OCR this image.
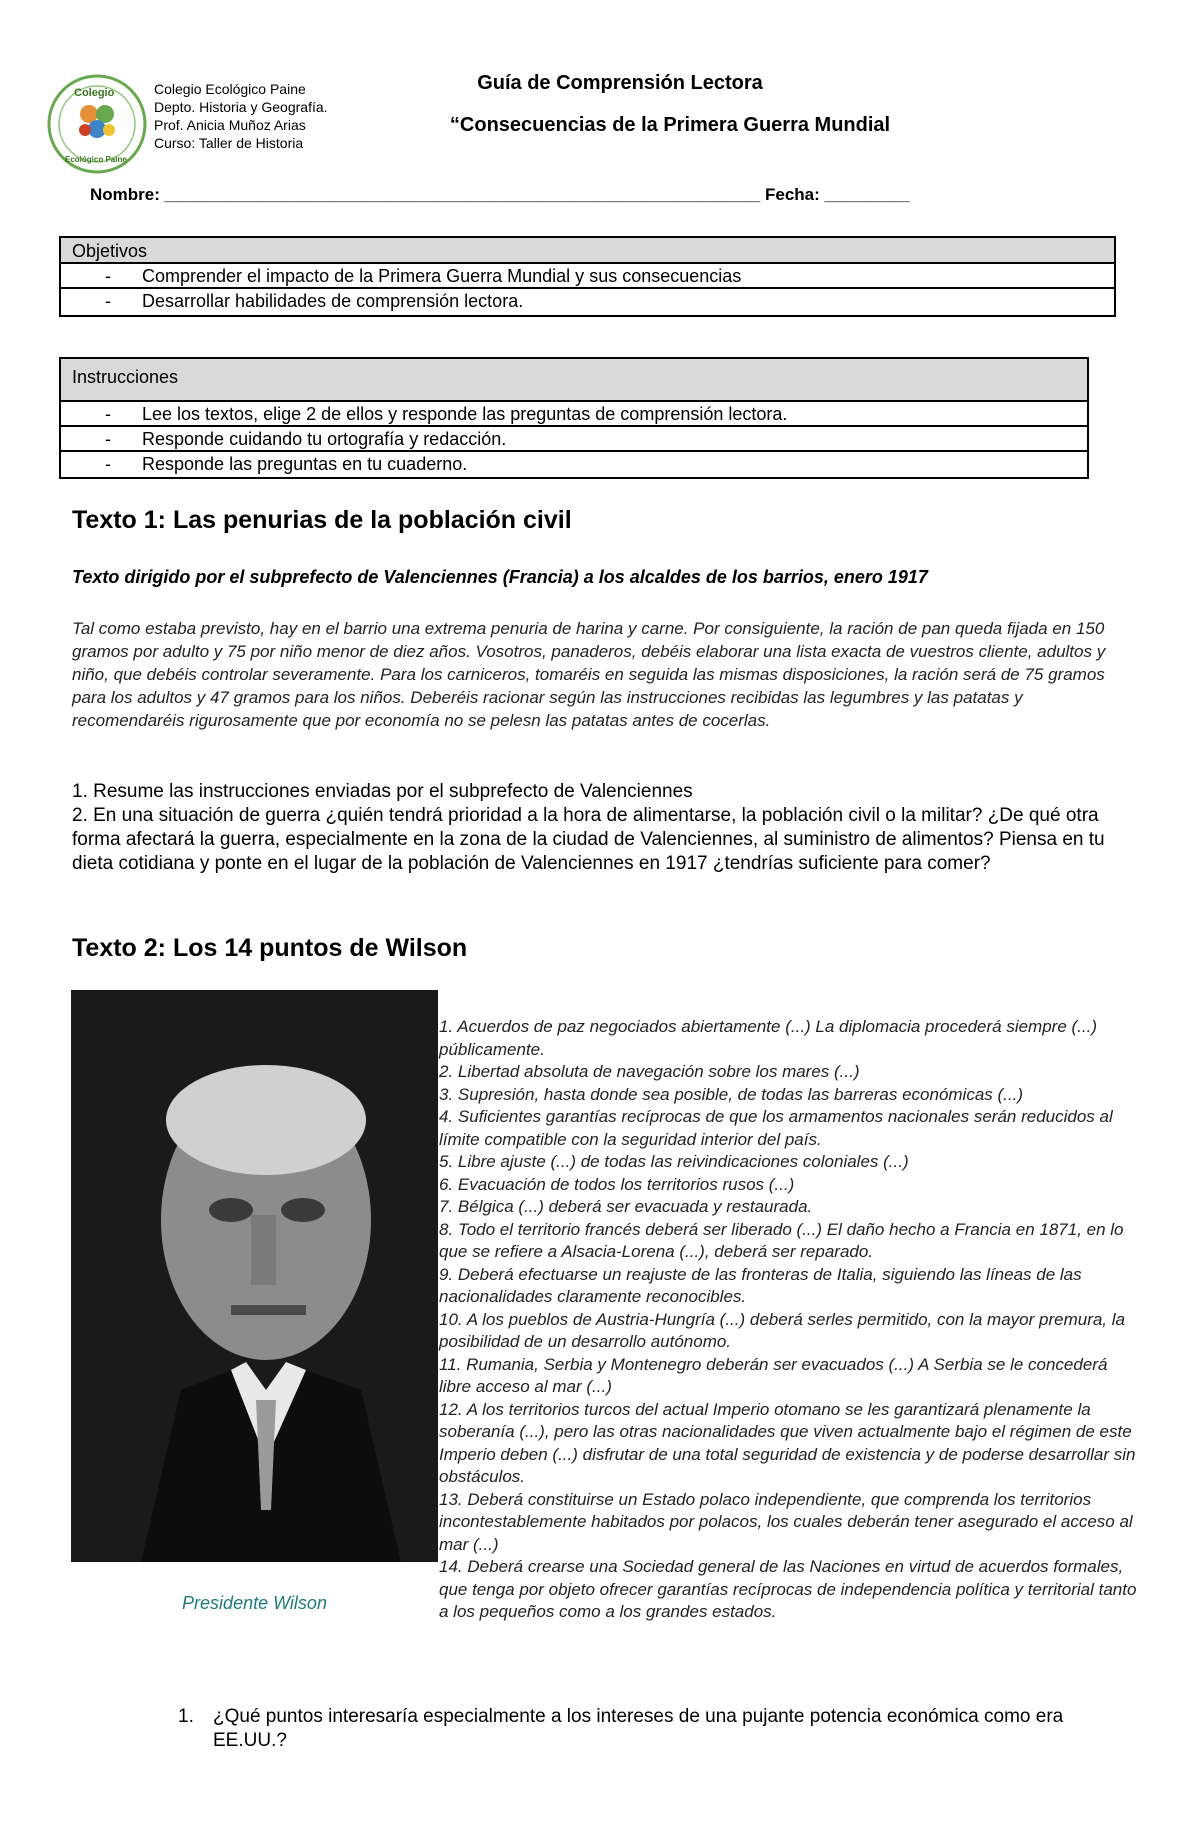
Colegio
Ecológico Paine
Colegio Ecológico Paine
Depto. Historia y Geografía.
Prof. Anicia Muñoz Arias
Curso: Taller de Historia
Guía de Comprensión Lectora
“Consecuencias de la Primera Guerra Mundial
Nombre: _______________________________________________________________ Fecha: _________
Objetivos
- Comprender el impacto de la Primera Guerra Mundial y sus consecuencias
- Desarrollar habilidades de comprensión lectora.
Instrucciones
- Lee los textos, elige 2 de ellos y responde las preguntas de comprensión lectora.
- Responde cuidando tu ortografía y redacción.
- Responde las preguntas en tu cuaderno.
Texto 1: Las penurias de la población civil
Texto dirigido por el subprefecto de Valenciennes (Francia) a los alcaldes de los barrios, enero 1917
Tal como estaba previsto, hay en el barrio una extrema penuria de harina y carne. Por consiguiente, la ración de pan queda fijada en 150 gramos por adulto y 75 por niño menor de diez años. Vosotros, panaderos, debéis elaborar una lista exacta de vuestros cliente, adultos y niño, que debéis controlar severamente. Para los carniceros, tomaréis en seguida las mismas disposiciones, la ración será de 75 gramos para los adultos y 47 gramos para los niños. Deberéis racionar según las instrucciones recibidas las legumbres y las patatas y recomendaréis rigurosamente que por economía no se pelesn las patatas antes de cocerlas.

1. Resume las instrucciones enviadas por el subprefecto de Valenciennes

2. En una situación de guerra ¿quién tendrá prioridad a la hora de alimentarse, la población civil o la militar? ¿De qué otra forma afectará la guerra, especialmente en la zona de la ciudad de Valenciennes, al suministro de alimentos? Piensa en tu dieta cotidiana y ponte en el lugar de la población de Valenciennes en 1917 ¿tendrías suficiente para comer?

Texto 2: Los 14 puntos de Wilson
Presidente Wilson
1. Acuerdos de paz negociados abiertamente (...) La diplomacia procederá siempre (...) públicamente.
2. Libertad absoluta de navegación sobre los mares (...)
3. Supresión, hasta donde sea posible, de todas las barreras económicas (...)
4. Suficientes garantías recíprocas de que los armamentos nacionales serán reducidos al límite compatible con la seguridad interior del país.
5. Libre ajuste (...) de todas las reivindicaciones coloniales (...)
6. Evacuación de todos los territorios rusos (...)
7. Bélgica (...) deberá ser evacuada y restaurada.
8. Todo el territorio francés deberá ser liberado (...) El daño hecho a Francia en 1871, en lo que se refiere a Alsacia-Lorena (...), deberá ser reparado.
9. Deberá efectuarse un reajuste de las fronteras de Italia, siguiendo las líneas de las nacionalidades claramente reconocibles.
10. A los pueblos de Austria-Hungría (...) deberá serles permitido, con la mayor premura, la posibilidad de un desarrollo autónomo.
11. Rumania, Serbia y Montenegro deberán ser evacuados (...) A Serbia se le concederá libre acceso al mar (...)
12. A los territorios turcos del actual Imperio otomano se les garantizará plenamente la soberanía (...), pero las otras nacionalidades que viven actualmente bajo el régimen de este Imperio deben (...) disfrutar de una total seguridad de existencia y de poderse desarrollar sin obstáculos.
13. Deberá constituirse un Estado polaco independiente, que comprenda los territorios incontestablemente habitados por polacos, los cuales deberán tener asegurado el acceso al mar (...)
14. Deberá crearse una Sociedad general de las Naciones en virtud de acuerdos formales, que tenga por objeto ofrecer garantías recíprocas de independencia política y territorial tanto a los pequeños como a los grandes estados.
1. ¿Qué puntos interesaría especialmente a los intereses de una pujante potencia económica como era EE.UU.?
